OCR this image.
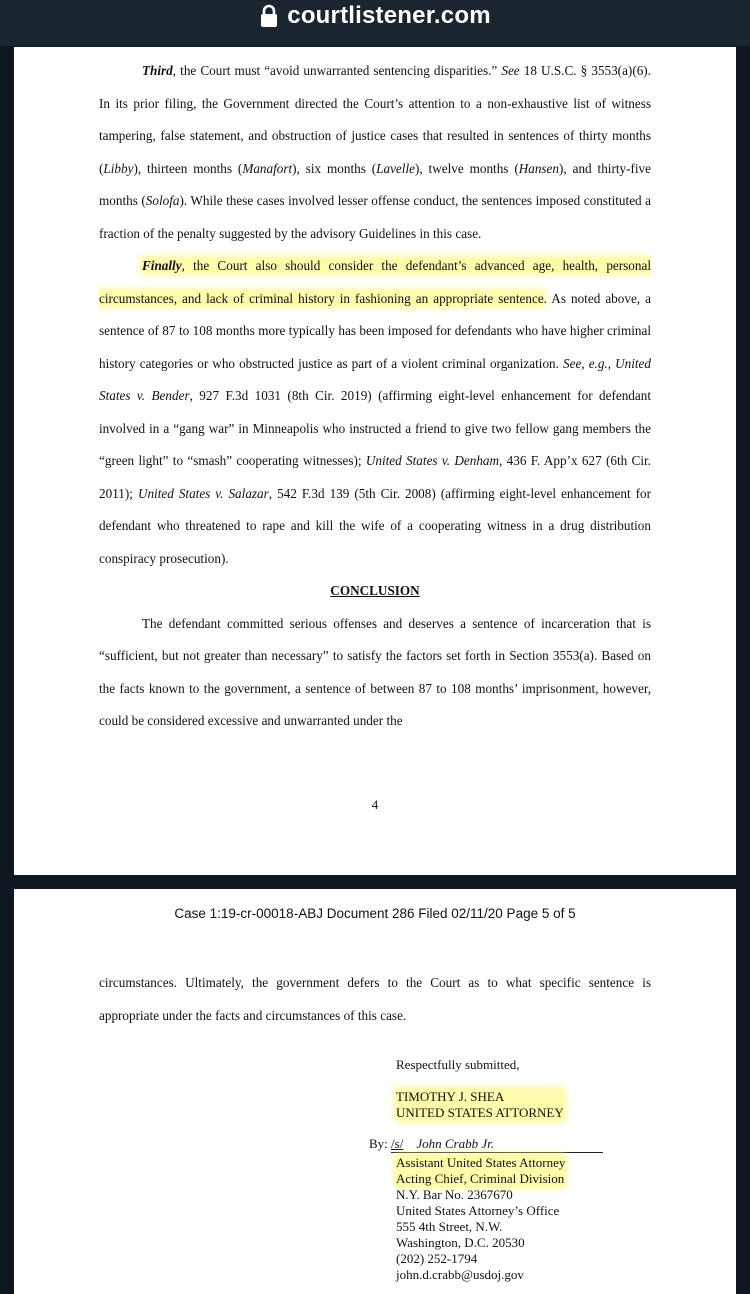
courtlistener.com

Third, the Court must “avoid unwarranted sentencing disparities.” See 18 U.S.C. § 3553(a)(6). In its prior filing, the Government directed the Court’s attention to a non-exhaustive list of witness tampering, false statement, and obstruction of justice cases that resulted in sentences of thirty months (Libby), thirteen months (Manafort), six months (Lavelle), twelve months (Hansen), and thirty-five months (Solofa). While these cases involved lesser offense conduct, the sentences imposed constituted a fraction of the penalty suggested by the advisory Guidelines in this case.

Finally, the Court also should consider the defendant’s advanced age, health, personal circumstances, and lack of criminal history in fashioning an appropriate sentence. As noted above, a sentence of 87 to 108 months more typically has been imposed for defendants who have higher criminal history categories or who obstructed justice as part of a violent criminal organization. See, e.g., United States v. Bender, 927 F.3d 1031 (8th Cir. 2019) (affirming eight-level enhancement for defendant involved in a “gang war” in Minneapolis who instructed a friend to give two fellow gang members the “green light” to “smash” cooperating witnesses); United States v. Denham, 436 F. App’x 627 (6th Cir. 2011); United States v. Salazar, 542 F.3d 139 (5th Cir. 2008) (affirming eight-level enhancement for defendant who threatened to rape and kill the wife of a cooperating witness in a drug distribution conspiracy prosecution).

CONCLUSION

The defendant committed serious offenses and deserves a sentence of incarceration that is “sufficient, but not greater than necessary” to satisfy the factors set forth in Section 3553(a). Based on the facts known to the government, a sentence of between 87 to 108 months’ imprisonment, however, could be considered excessive and unwarranted under the

4
Case 1:19-cr-00018-ABJ Document 286 Filed 02/11/20 Page 5 of 5

circumstances. Ultimately, the government defers to the Court as to what specific sentence is appropriate under the facts and circumstances of this case.

Respectfully submitted,
TIMOTHY J. SHEA
UNITED STATES ATTORNEY
By: /s/ John Crabb Jr.
Assistant United States Attorney
Acting Chief, Criminal Division
N.Y. Bar No. 2367670
United States Attorney’s Office
555 4th Street, N.W.
Washington, D.C. 20530
(202) 252-1794
john.d.crabb@usdoj.gov
